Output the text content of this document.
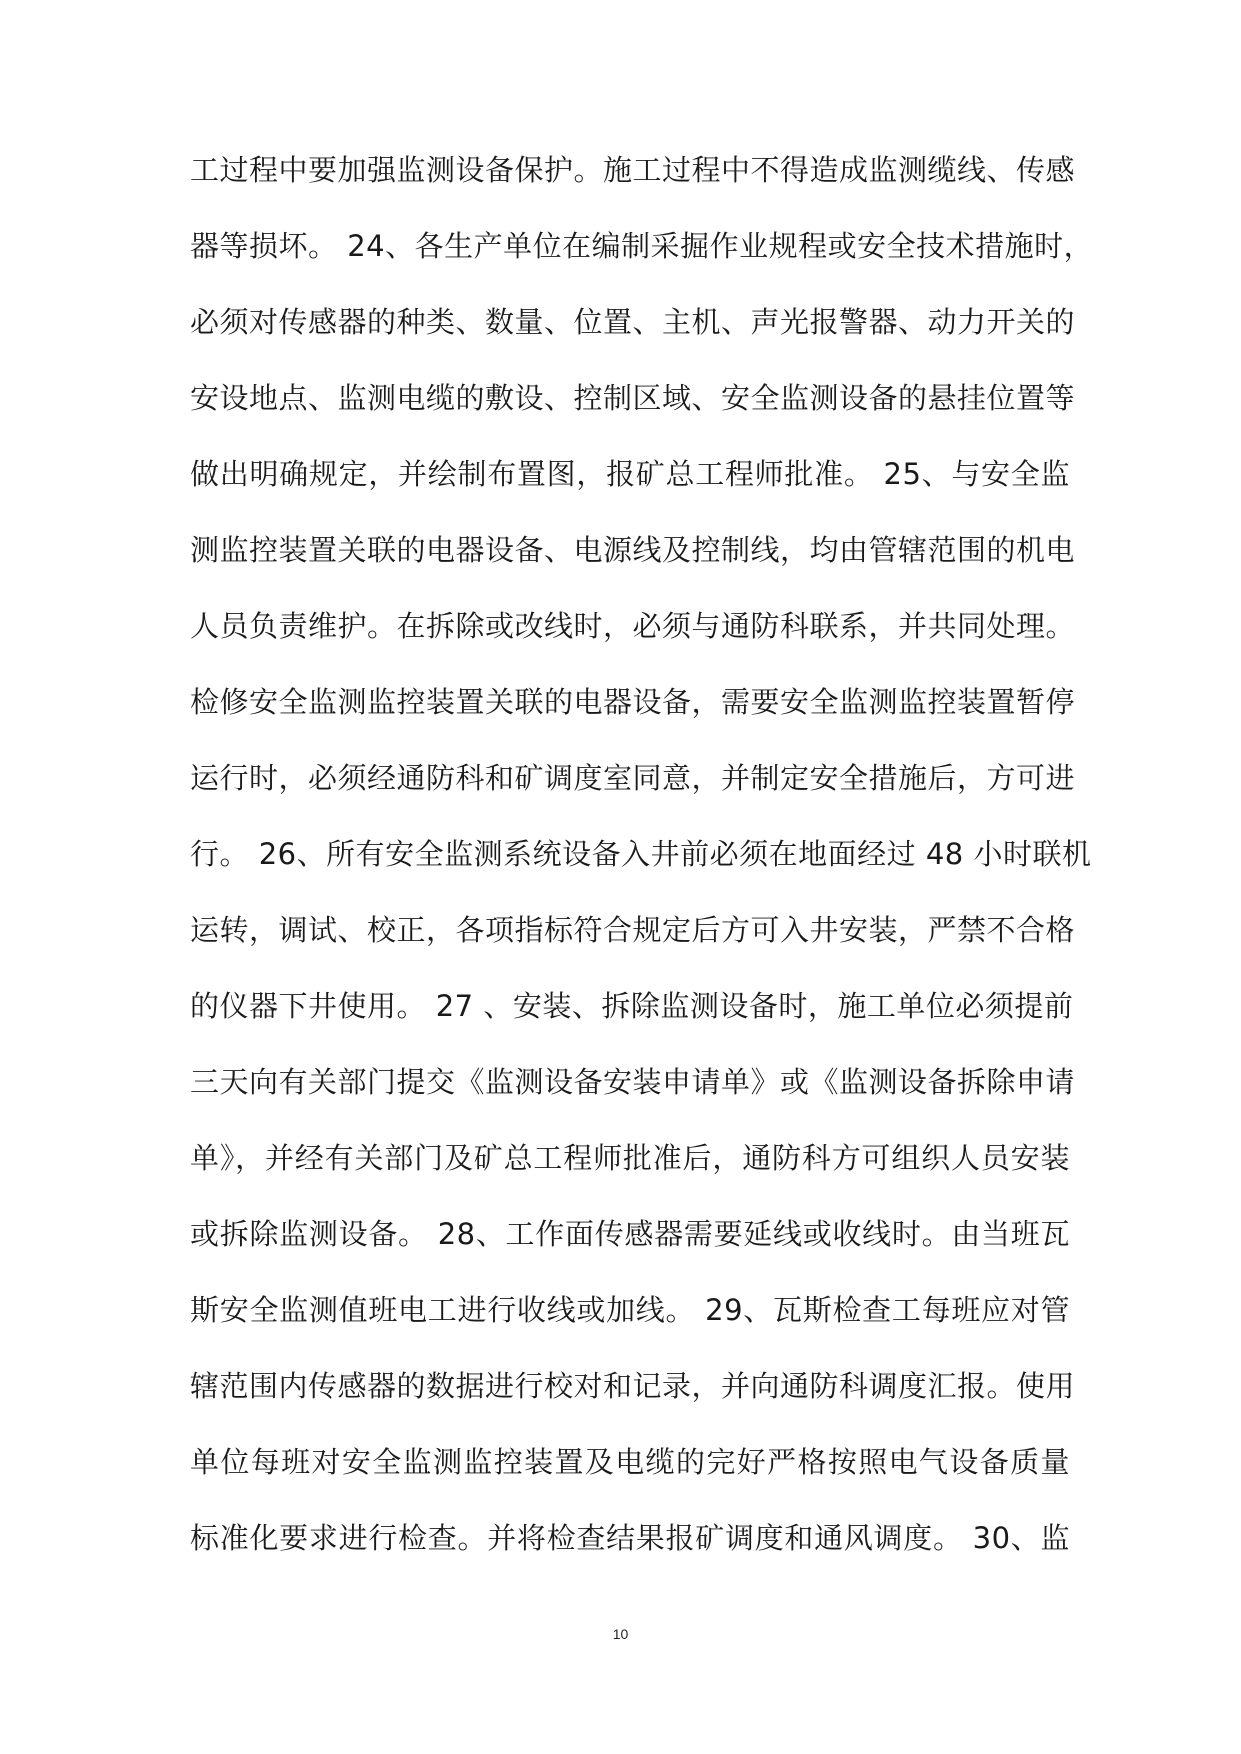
工过程中要加强监测设备保护。施工过程中不得造成监测缆线、传感
器等损坏。 24、各生产单位在编制采掘作业规程或安全技术措施时，
必须对传感器的种类、数量、位置、主机、声光报警器、动力开关的
安设地点、监测电缆的敷设、控制区域、安全监测设备的悬挂位置等
做出明确规定，并绘制布置图，报矿总工程师批准。 25、与安全监
测监控装置关联的电器设备、电源线及控制线，均由管辖范围的机电
人员负责维护。在拆除或改线时，必须与通防科联系，并共同处理。
检修安全监测监控装置关联的电器设备，需要安全监测监控装置暂停
运行时，必须经通防科和矿调度室同意，并制定安全措施后，方可进
行。 26、所有安全监测系统设备入井前必须在地面经过 48 小时联机
运转，调试、校正，各项指标符合规定后方可入井安装，严禁不合格
的仪器下井使用。 27 、安装、拆除监测设备时，施工单位必须提前
三天向有关部门提交《监测设备安装申请单》或《监测设备拆除申请
单》，并经有关部门及矿总工程师批准后，通防科方可组织人员安装
或拆除监测设备。 28、工作面传感器需要延线或收线时。由当班瓦
斯安全监测值班电工进行收线或加线。 29、瓦斯检查工每班应对管
辖范围内传感器的数据进行校对和记录，并向通防科调度汇报。使用
单位每班对安全监测监控装置及电缆的完好严格按照电气设备质量
标准化要求进行检查。并将检查结果报矿调度和通风调度。 30、监
10
